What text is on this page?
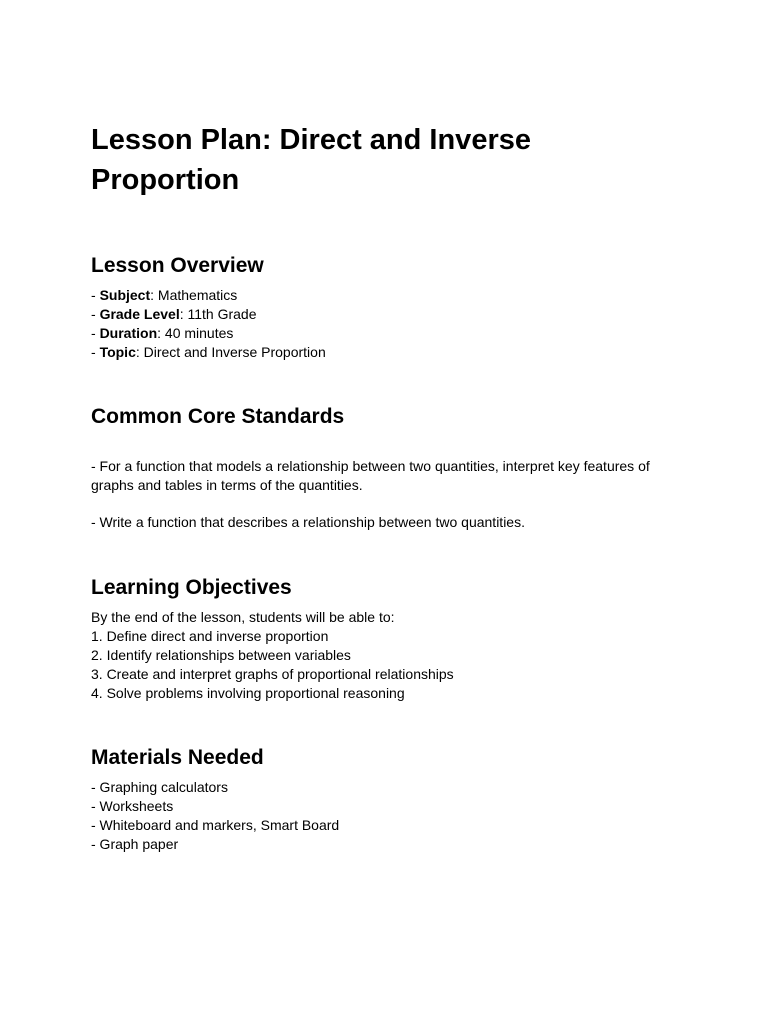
Lesson Plan: Direct and Inverse Proportion
Lesson Overview
- Subject: Mathematics
- Grade Level: 11th Grade
- Duration: 40 minutes
- Topic: Direct and Inverse Proportion
Common Core Standards
- For a function that models a relationship between two quantities, interpret key features of graphs and tables in terms of the quantities.
- Write a function that describes a relationship between two quantities.
Learning Objectives
By the end of the lesson, students will be able to:
1. Define direct and inverse proportion
2. Identify relationships between variables
3. Create and interpret graphs of proportional relationships
4. Solve problems involving proportional reasoning
Materials Needed
- Graphing calculators
- Worksheets
- Whiteboard and markers, Smart Board
- Graph paper
